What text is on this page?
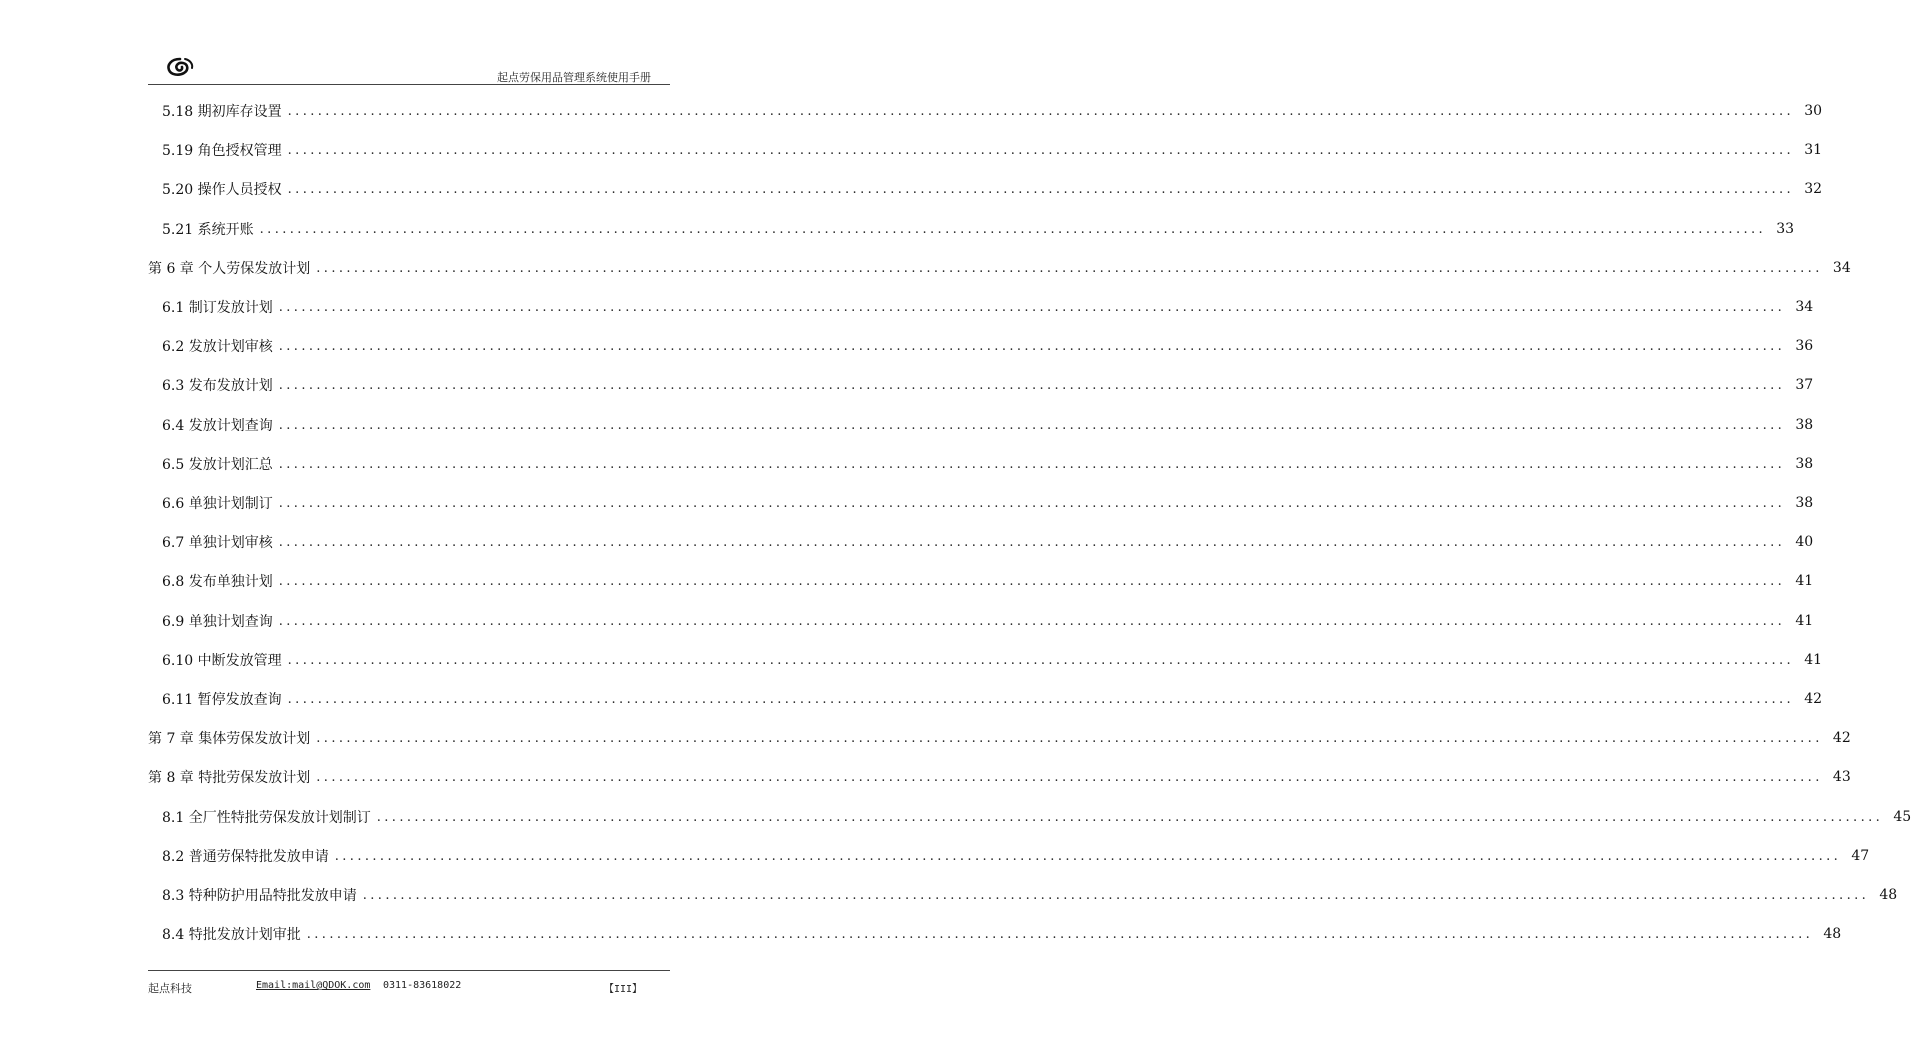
起点劳保用品管理系统使用手册
5.18 期初库存设置 ........................................................................................................................................................................................................ 30
5.19 角色授权管理 ........................................................................................................................................................................................................ 31
5.20 操作人员授权 ........................................................................................................................................................................................................ 32
5.21 系统开账 ........................................................................................................................................................................................................ 33
第 6 章 个人劳保发放计划 ........................................................................................................................................................................................................ 34
6.1 制订发放计划 ........................................................................................................................................................................................................ 34
6.2 发放计划审核 ........................................................................................................................................................................................................ 36
6.3 发布发放计划 ........................................................................................................................................................................................................ 37
6.4 发放计划查询 ........................................................................................................................................................................................................ 38
6.5 发放计划汇总 ........................................................................................................................................................................................................ 38
6.6 单独计划制订 ........................................................................................................................................................................................................ 38
6.7 单独计划审核 ........................................................................................................................................................................................................ 40
6.8 发布单独计划 ........................................................................................................................................................................................................ 41
6.9 单独计划查询 ........................................................................................................................................................................................................ 41
6.10 中断发放管理 ........................................................................................................................................................................................................ 41
6.11 暂停发放查询 ........................................................................................................................................................................................................ 42
第 7 章 集体劳保发放计划 ........................................................................................................................................................................................................ 42
第 8 章 特批劳保发放计划 ........................................................................................................................................................................................................ 43
8.1 全厂性特批劳保发放计划制订 ........................................................................................................................................................................................................ 45
8.2 普通劳保特批发放申请 ........................................................................................................................................................................................................ 47
8.3 特种防护用品特批发放申请 ........................................................................................................................................................................................................ 48
8.4 特批发放计划审批 ........................................................................................................................................................................................................ 48
起点科技	Email:mail@QDOK.com 0311-83618022	【III】
